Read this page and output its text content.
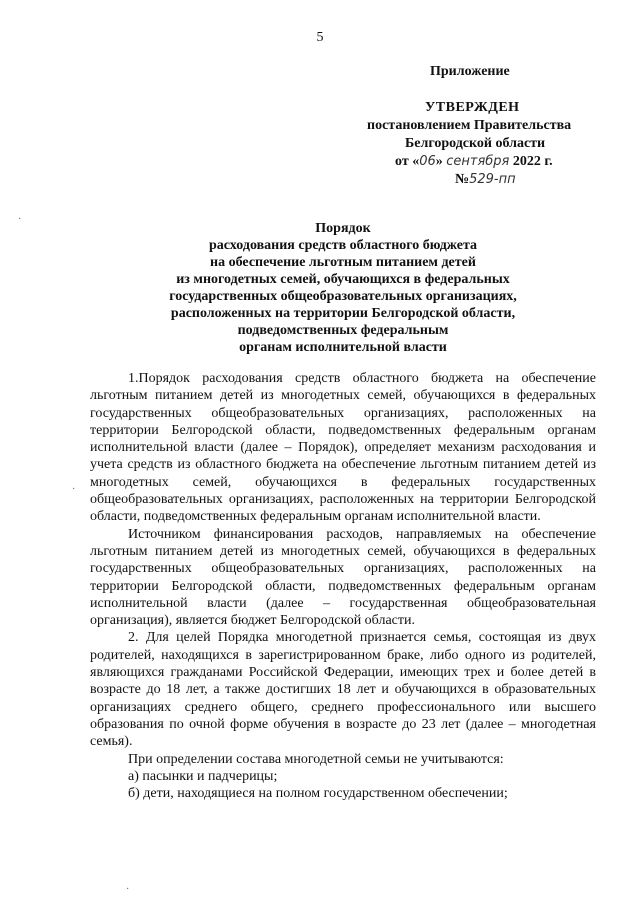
5
Приложение
УТВЕРЖДЕН
постановлением Правительства
Белгородской области
от «06» сентября 2022 г.
№529-пп
Порядок
расходования средств областного бюджета
на обеспечение льготным питанием детей
из многодетных семей, обучающихся в федеральных
государственных общеобразовательных организациях,
расположенных на территории Белгородской области,
подведомственных федеральным
органам исполнительной власти

1.Порядок расходования средств областного бюджета на обеспечение льготным питанием детей из многодетных семей, обучающихся в федеральных государственных общеобразовательных организациях, расположенных на территории Белгородской области, подведомственных федеральным органам исполнительной власти (далее – Порядок), определяет механизм расходования и учета средств из областного бюджета на обеспечение льготным питанием детей из многодетных семей, обучающихся в федеральных государственных общеобразовательных организациях, расположенных на территории Белгородской области, подведомственных федеральным органам исполнительной власти.

Источником финансирования расходов, направляемых на обеспечение льготным питанием детей из многодетных семей, обучающихся в федеральных государственных общеобразовательных организациях, расположенных на территории Белгородской области, подведомственных федеральным органам исполнительной власти (далее – государственная общеобразовательная организация), является бюджет Белгородской области.

2. Для целей Порядка многодетной признается семья, состоящая из двух родителей, находящихся в зарегистрированном браке, либо одного из родителей, являющихся гражданами Российской Федерации, имеющих трех и более детей в возрасте до 18 лет, а также достигших 18 лет и обучающихся в образовательных организациях среднего общего, среднего профессионального или высшего образования по очной форме обучения в возрасте до 23 лет (далее – многодетная семья).

При определении состава многодетной семьи не учитываются:

а) пасынки и падчерицы;

б) дети, находящиеся на полном государственном обеспечении;

·
·
·
